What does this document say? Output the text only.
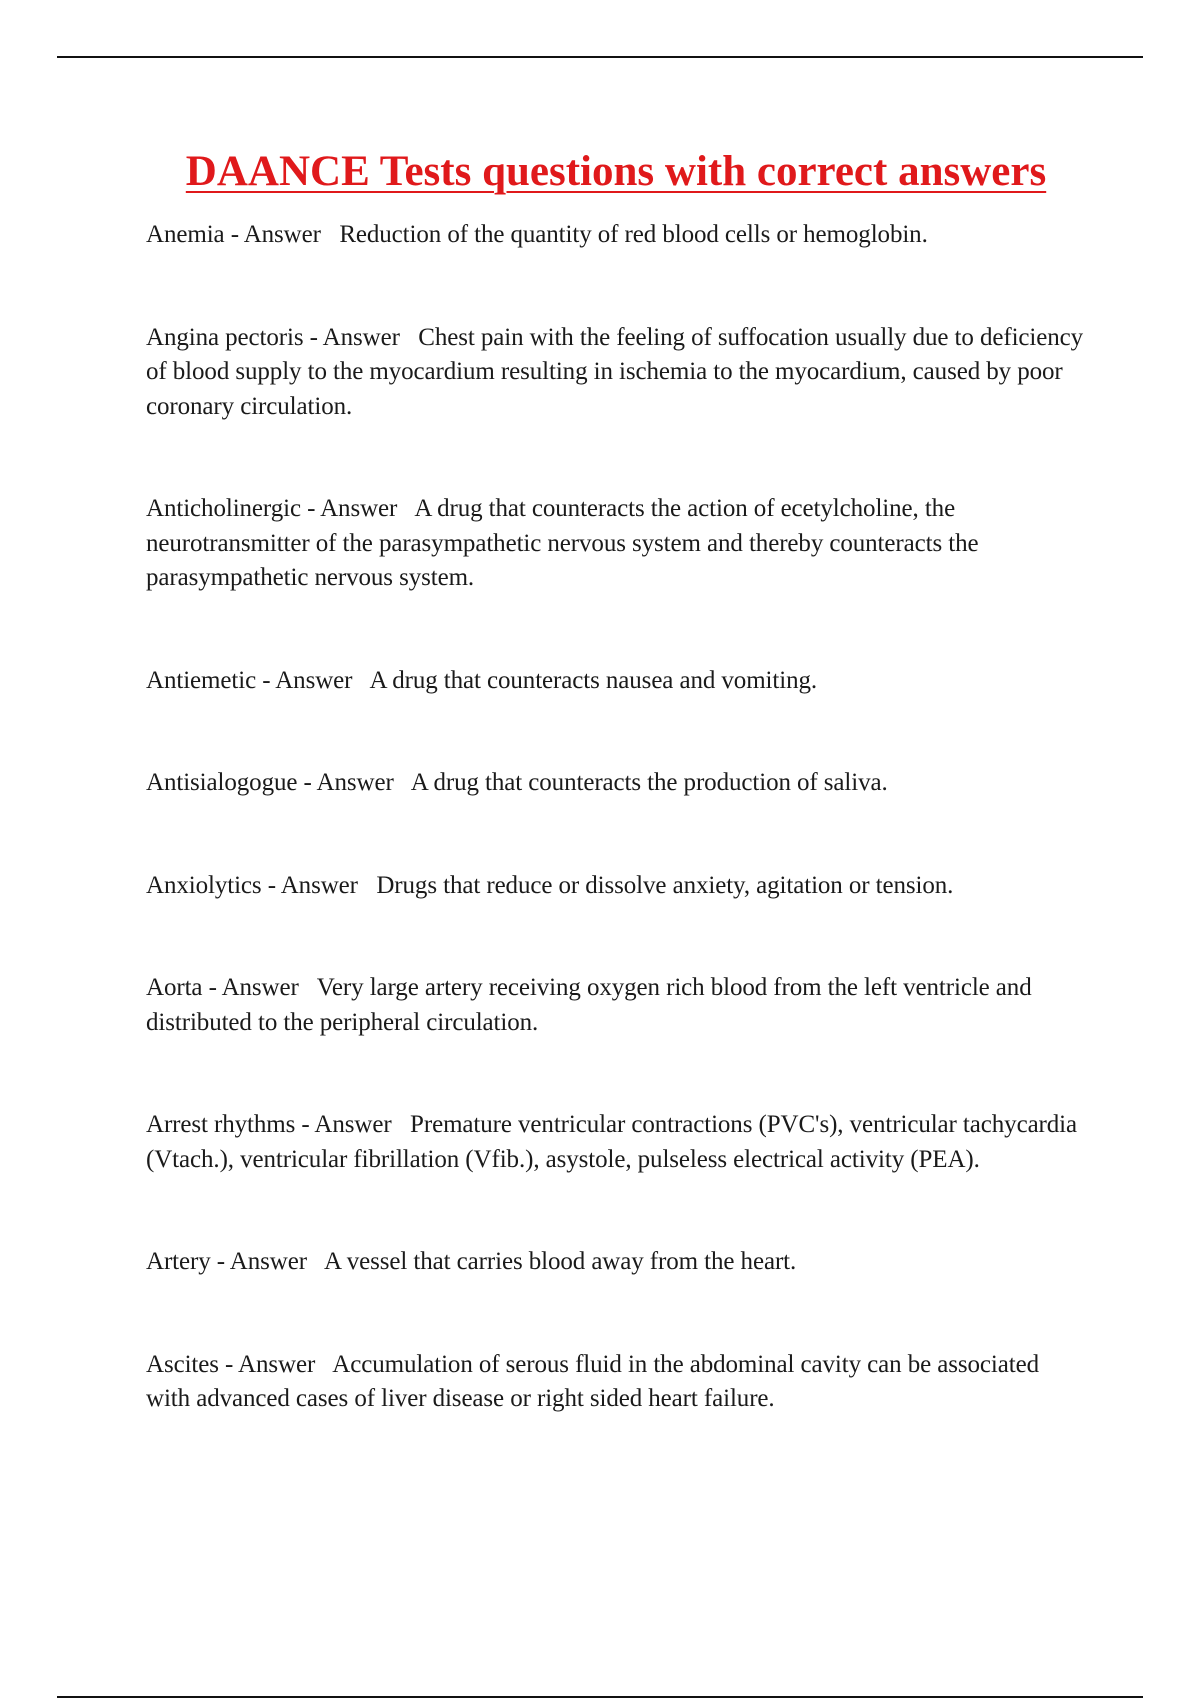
DAANCE Tests questions with correct answers
Anemia - Answer   Reduction of the quantity of red blood cells or hemoglobin.
Angina pectoris - Answer   Chest pain with the feeling of suffocation usually due to deficiency of blood supply to the myocardium resulting in ischemia to the myocardium, caused by poor coronary circulation.
Anticholinergic - Answer   A drug that counteracts the action of ecetylcholine, the neurotransmitter of the parasympathetic nervous system and thereby counteracts the parasympathetic nervous system.
Antiemetic - Answer   A drug that counteracts nausea and vomiting.
Antisialogogue - Answer   A drug that counteracts the production of saliva.
Anxiolytics - Answer   Drugs that reduce or dissolve anxiety, agitation or tension.
Aorta - Answer   Very large artery receiving oxygen rich blood from the left ventricle and distributed to the peripheral circulation.
Arrest rhythms - Answer   Premature ventricular contractions (PVC's), ventricular tachycardia (Vtach.), ventricular fibrillation (Vfib.), asystole, pulseless electrical activity (PEA).
Artery - Answer   A vessel that carries blood away from the heart.
Ascites - Answer   Accumulation of serous fluid in the abdominal cavity can be associated with advanced cases of liver disease or right sided heart failure.
